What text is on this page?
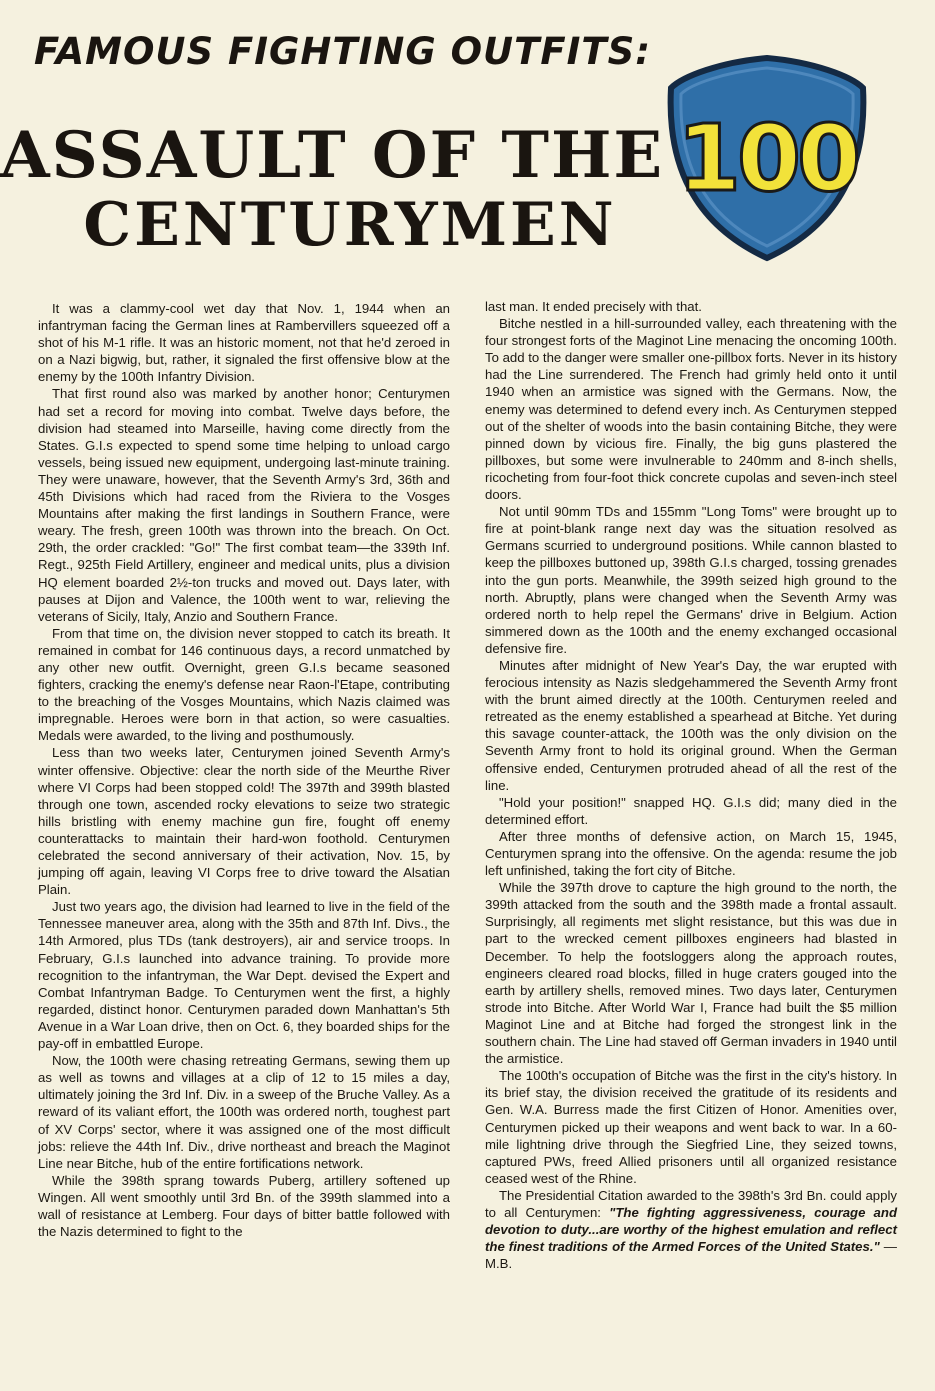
FAMOUS FIGHTING OUTFITS:
ASSAULT OF THE
CENTURYMEN
100

It was a clammy-cool wet day that Nov. 1, 1944 when an infantryman facing the German lines at Rambervillers squeezed off a shot of his M-1 rifle. It was an historic moment, not that he'd zeroed in on a Nazi bigwig, but, rather, it signaled the first offensive blow at the enemy by the 100th Infantry Division.

That first round also was marked by another honor; Centurymen had set a record for moving into combat. Twelve days before, the division had steamed into Marseille, having come directly from the States. G.I.s expected to spend some time helping to unload cargo vessels, being issued new equipment, undergoing last-minute training. They were unaware, however, that the Seventh Army's 3rd, 36th and 45th Divisions which had raced from the Riviera to the Vosges Mountains after making the first landings in Southern France, were weary. The fresh, green 100th was thrown into the breach. On Oct. 29th, the order crackled: "Go!" The first combat team—the 339th Inf. Regt., 925th Field Artillery, engineer and medical units, plus a division HQ element boarded 2½-ton trucks and moved out. Days later, with pauses at Dijon and Valence, the 100th went to war, relieving the veterans of Sicily, Italy, Anzio and Southern France.

From that time on, the division never stopped to catch its breath. It remained in combat for 146 continuous days, a record unmatched by any other new outfit. Overnight, green G.I.s became seasoned fighters, cracking the enemy's defense near Raon-l'Etape, contributing to the breaching of the Vosges Mountains, which Nazis claimed was impregnable. Heroes were born in that action, so were casualties. Medals were awarded, to the living and posthumously.

Less than two weeks later, Centurymen joined Seventh Army's winter offensive. Objective: clear the north side of the Meurthe River where VI Corps had been stopped cold! The 397th and 399th blasted through one town, ascended rocky elevations to seize two strategic hills bristling with enemy machine gun fire, fought off enemy counterattacks to maintain their hard-won foothold. Centurymen celebrated the second anniversary of their activation, Nov. 15, by jumping off again, leaving VI Corps free to drive toward the Alsatian Plain.

Just two years ago, the division had learned to live in the field of the Tennessee maneuver area, along with the 35th and 87th Inf. Divs., the 14th Armored, plus TDs (tank destroyers), air and service troops. In February, G.I.s launched into advance training. To provide more recognition to the infantryman, the War Dept. devised the Expert and Combat Infantryman Badge. To Centurymen went the first, a highly regarded, distinct honor. Centurymen paraded down Manhattan's 5th Avenue in a War Loan drive, then on Oct. 6, they boarded ships for the pay-off in embattled Europe.

Now, the 100th were chasing retreating Germans, sewing them up as well as towns and villages at a clip of 12 to 15 miles a day, ultimately joining the 3rd Inf. Div. in a sweep of the Bruche Valley. As a reward of its valiant effort, the 100th was ordered north, toughest part of XV Corps' sector, where it was assigned one of the most difficult jobs: relieve the 44th Inf. Div., drive northeast and breach the Maginot Line near Bitche, hub of the entire fortifications network.

While the 398th sprang towards Puberg, artillery softened up Wingen. All went smoothly until 3rd Bn. of the 399th slammed into a wall of resistance at Lemberg. Four days of bitter battle followed with the Nazis determined to fight to the

last man. It ended precisely with that.

Bitche nestled in a hill-surrounded valley, each threatening with the four strongest forts of the Maginot Line menacing the oncoming 100th. To add to the danger were smaller one-pillbox forts. Never in its history had the Line surrendered. The French had grimly held onto it until 1940 when an armistice was signed with the Germans. Now, the enemy was determined to defend every inch. As Centurymen stepped out of the shelter of woods into the basin containing Bitche, they were pinned down by vicious fire. Finally, the big guns plastered the pillboxes, but some were invulnerable to 240mm and 8-inch shells, ricocheting from four-foot thick concrete cupolas and seven-inch steel doors.

Not until 90mm TDs and 155mm "Long Toms" were brought up to fire at point-blank range next day was the situation resolved as Germans scurried to underground positions. While cannon blasted to keep the pillboxes buttoned up, 398th G.I.s charged, tossing grenades into the gun ports. Meanwhile, the 399th seized high ground to the north. Abruptly, plans were changed when the Seventh Army was ordered north to help repel the Germans' drive in Belgium. Action simmered down as the 100th and the enemy exchanged occasional defensive fire.

Minutes after midnight of New Year's Day, the war erupted with ferocious intensity as Nazis sledgehammered the Seventh Army front with the brunt aimed directly at the 100th. Centurymen reeled and retreated as the enemy established a spearhead at Bitche. Yet during this savage counter-attack, the 100th was the only division on the Seventh Army front to hold its original ground. When the German offensive ended, Centurymen protruded ahead of all the rest of the line.

"Hold your position!" snapped HQ. G.I.s did; many died in the determined effort.

After three months of defensive action, on March 15, 1945, Centurymen sprang into the offensive. On the agenda: resume the job left unfinished, taking the fort city of Bitche.

While the 397th drove to capture the high ground to the north, the 399th attacked from the south and the 398th made a frontal assault. Surprisingly, all regiments met slight resistance, but this was due in part to the wrecked cement pillboxes engineers had blasted in December. To help the footsloggers along the approach routes, engineers cleared road blocks, filled in huge craters gouged into the earth by artillery shells, removed mines. Two days later, Centurymen strode into Bitche. After World War I, France had built the $5 million Maginot Line and at Bitche had forged the strongest link in the southern chain. The Line had staved off German invaders in 1940 until the armistice.

The 100th's occupation of Bitche was the first in the city's history. In its brief stay, the division received the gratitude of its residents and Gen. W.A. Burress made the first Citizen of Honor. Amenities over, Centurymen picked up their weapons and went back to war. In a 60-mile lightning drive through the Siegfried Line, they seized towns, captured PWs, freed Allied prisoners until all organized resistance ceased west of the Rhine.

The Presidential Citation awarded to the 398th's 3rd Bn. could apply to all Centurymen: "The fighting aggressiveness, courage and devotion to duty...are worthy of the highest emulation and reflect the finest traditions of the Armed Forces of the United States." —M.B.
